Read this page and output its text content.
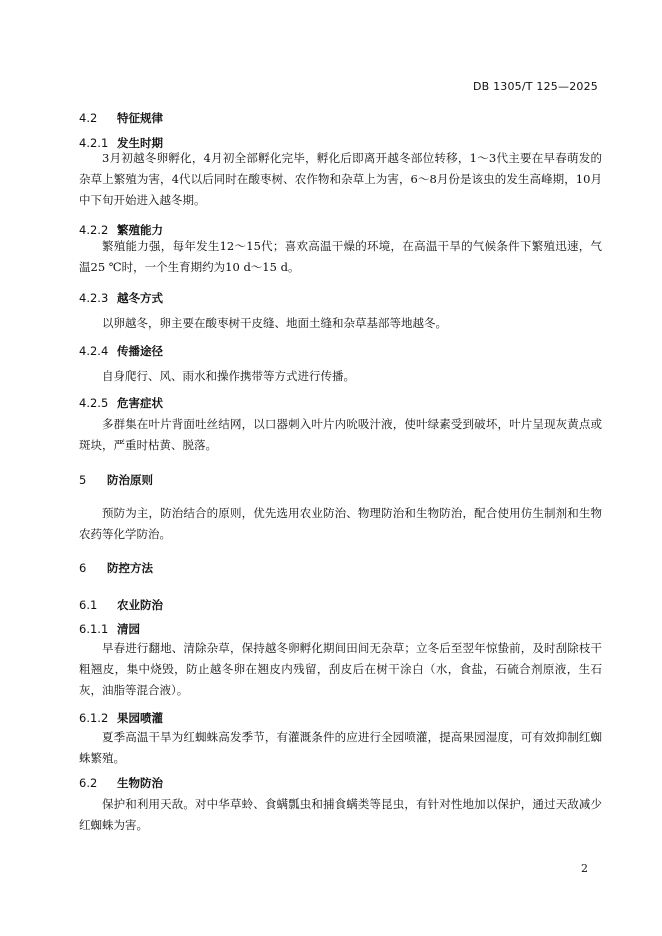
DB 1305/T 125—2025
4.2 特征规律
4.2.1 发生时期

3月初越冬卵孵化，4月初全部孵化完毕，孵化后即离开越冬部位转移，1～3代主要在早春萌发的杂草上繁殖为害，4代以后同时在酸枣树、农作物和杂草上为害，6～8月份是该虫的发生高峰期，10月中下旬开始进入越冬期。

4.2.2 繁殖能力

繁殖能力强，每年发生12～15代；喜欢高温干燥的环境，在高温干旱的气候条件下繁殖迅速，气温25 ℃时，一个生育期约为10 d～15 d。

4.2.3 越冬方式

以卵越冬，卵主要在酸枣树干皮缝、地面土缝和杂草基部等地越冬。

4.2.4 传播途径

自身爬行、风、雨水和操作携带等方式进行传播。

4.2.5 危害症状

多群集在叶片背面吐丝结网，以口器刺入叶片内吮吸汁液，使叶绿素受到破坏，叶片呈现灰黄点或斑块，严重时枯黄、脱落。

5 防治原则

预防为主，防治结合的原则，优先选用农业防治、物理防治和生物防治，配合使用仿生制剂和生物农药等化学防治。

6 防控方法
6.1 农业防治
6.1.1 清园

早春进行翻地、清除杂草，保持越冬卵孵化期间田间无杂草；立冬后至翌年惊蛰前，及时刮除枝干粗翘皮，集中烧毁，防止越冬卵在翘皮内残留，刮皮后在树干涂白（水，食盐，石硫合剂原液，生石灰，油脂等混合液）。

6.1.2 果园喷灌

夏季高温干旱为红蜘蛛高发季节，有灌溉条件的应进行全园喷灌，提高果园湿度，可有效抑制红蜘蛛繁殖。

6.2 生物防治

保护和利用天敌。对中华草蛉、食螨瓢虫和捕食螨类等昆虫，有针对性地加以保护，通过天敌减少红蜘蛛为害。

2
